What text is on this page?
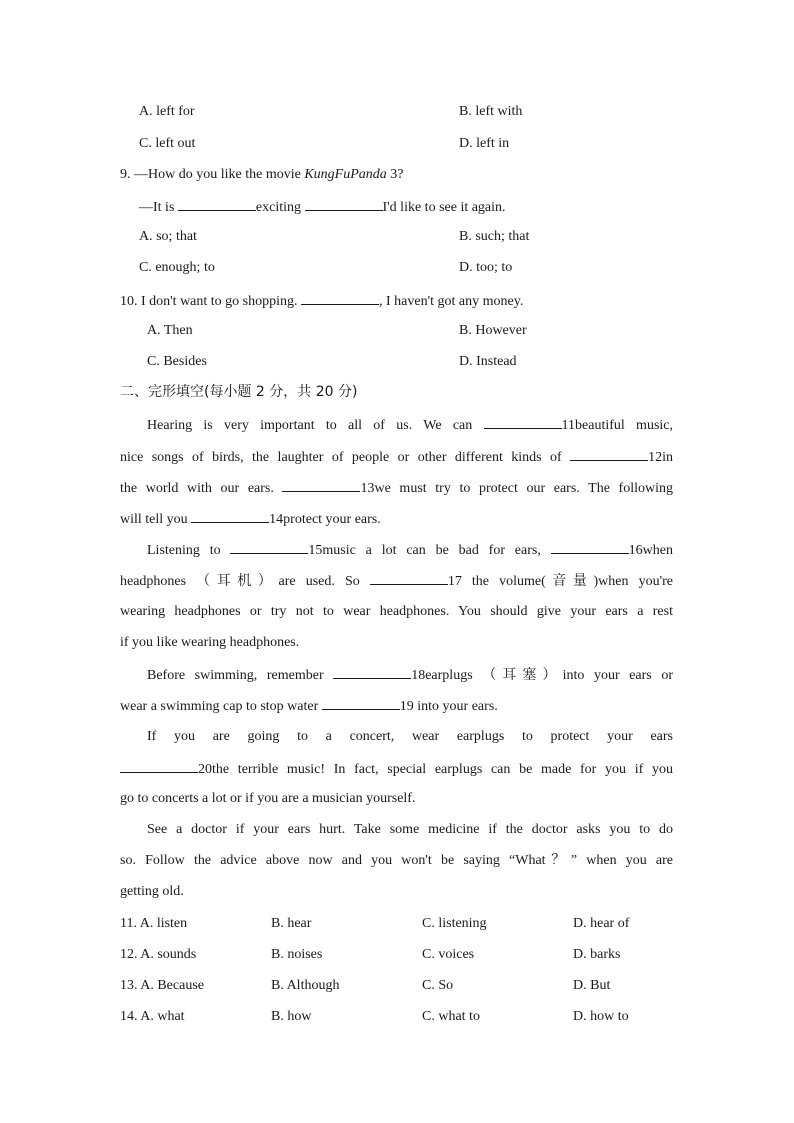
A. left for	B. left with
C. left out	D. left in
9. —How do you like the movie KungFuPanda 3?
—It is	exciting	I'd like to see it again.
A. so; that	B. such; that
C. enough; to	D. too; to
10. I don't want to go shopping.	, I haven't got any money.
A. Then	B. However
C. Besides	D. Instead
二、完形填空(每小题 2 分，共 20 分)
Hearing is very important to all of us. We can	11beautiful music,
nice songs of birds, the laughter of people or other different kinds of	12in
the world with our ears.	13we must try to protect our ears. The following
will tell you	14protect your ears.
Listening to	15music a lot can be bad for ears,	16when
headphones （耳机）are used. So	17 the volume(音量)when you're
wearing headphones or try not to wear headphones. You should give your ears a rest
if you like wearing headphones.
Before swimming, remember	18earplugs （耳塞）into your ears or
wear a swimming cap to stop water	19 into your ears.
If you are going to a concert, wear earplugs to protect your ears
20the terrible music! In fact, special earplugs can be made for you if you
go to concerts a lot or if you are a musician yourself.
See a doctor if your ears hurt. Take some medicine if the doctor asks you to do
so. Follow the advice above now and you won't be saying “What？” when you are
getting old.
11. A. listen	B. hear	C. listening	D. hear of
12. A. sounds	B. noises	C. voices	D. barks
13. A. Because	B. Although	C. So	D. But
14. A. what	B. how	C. what to	D. how to
